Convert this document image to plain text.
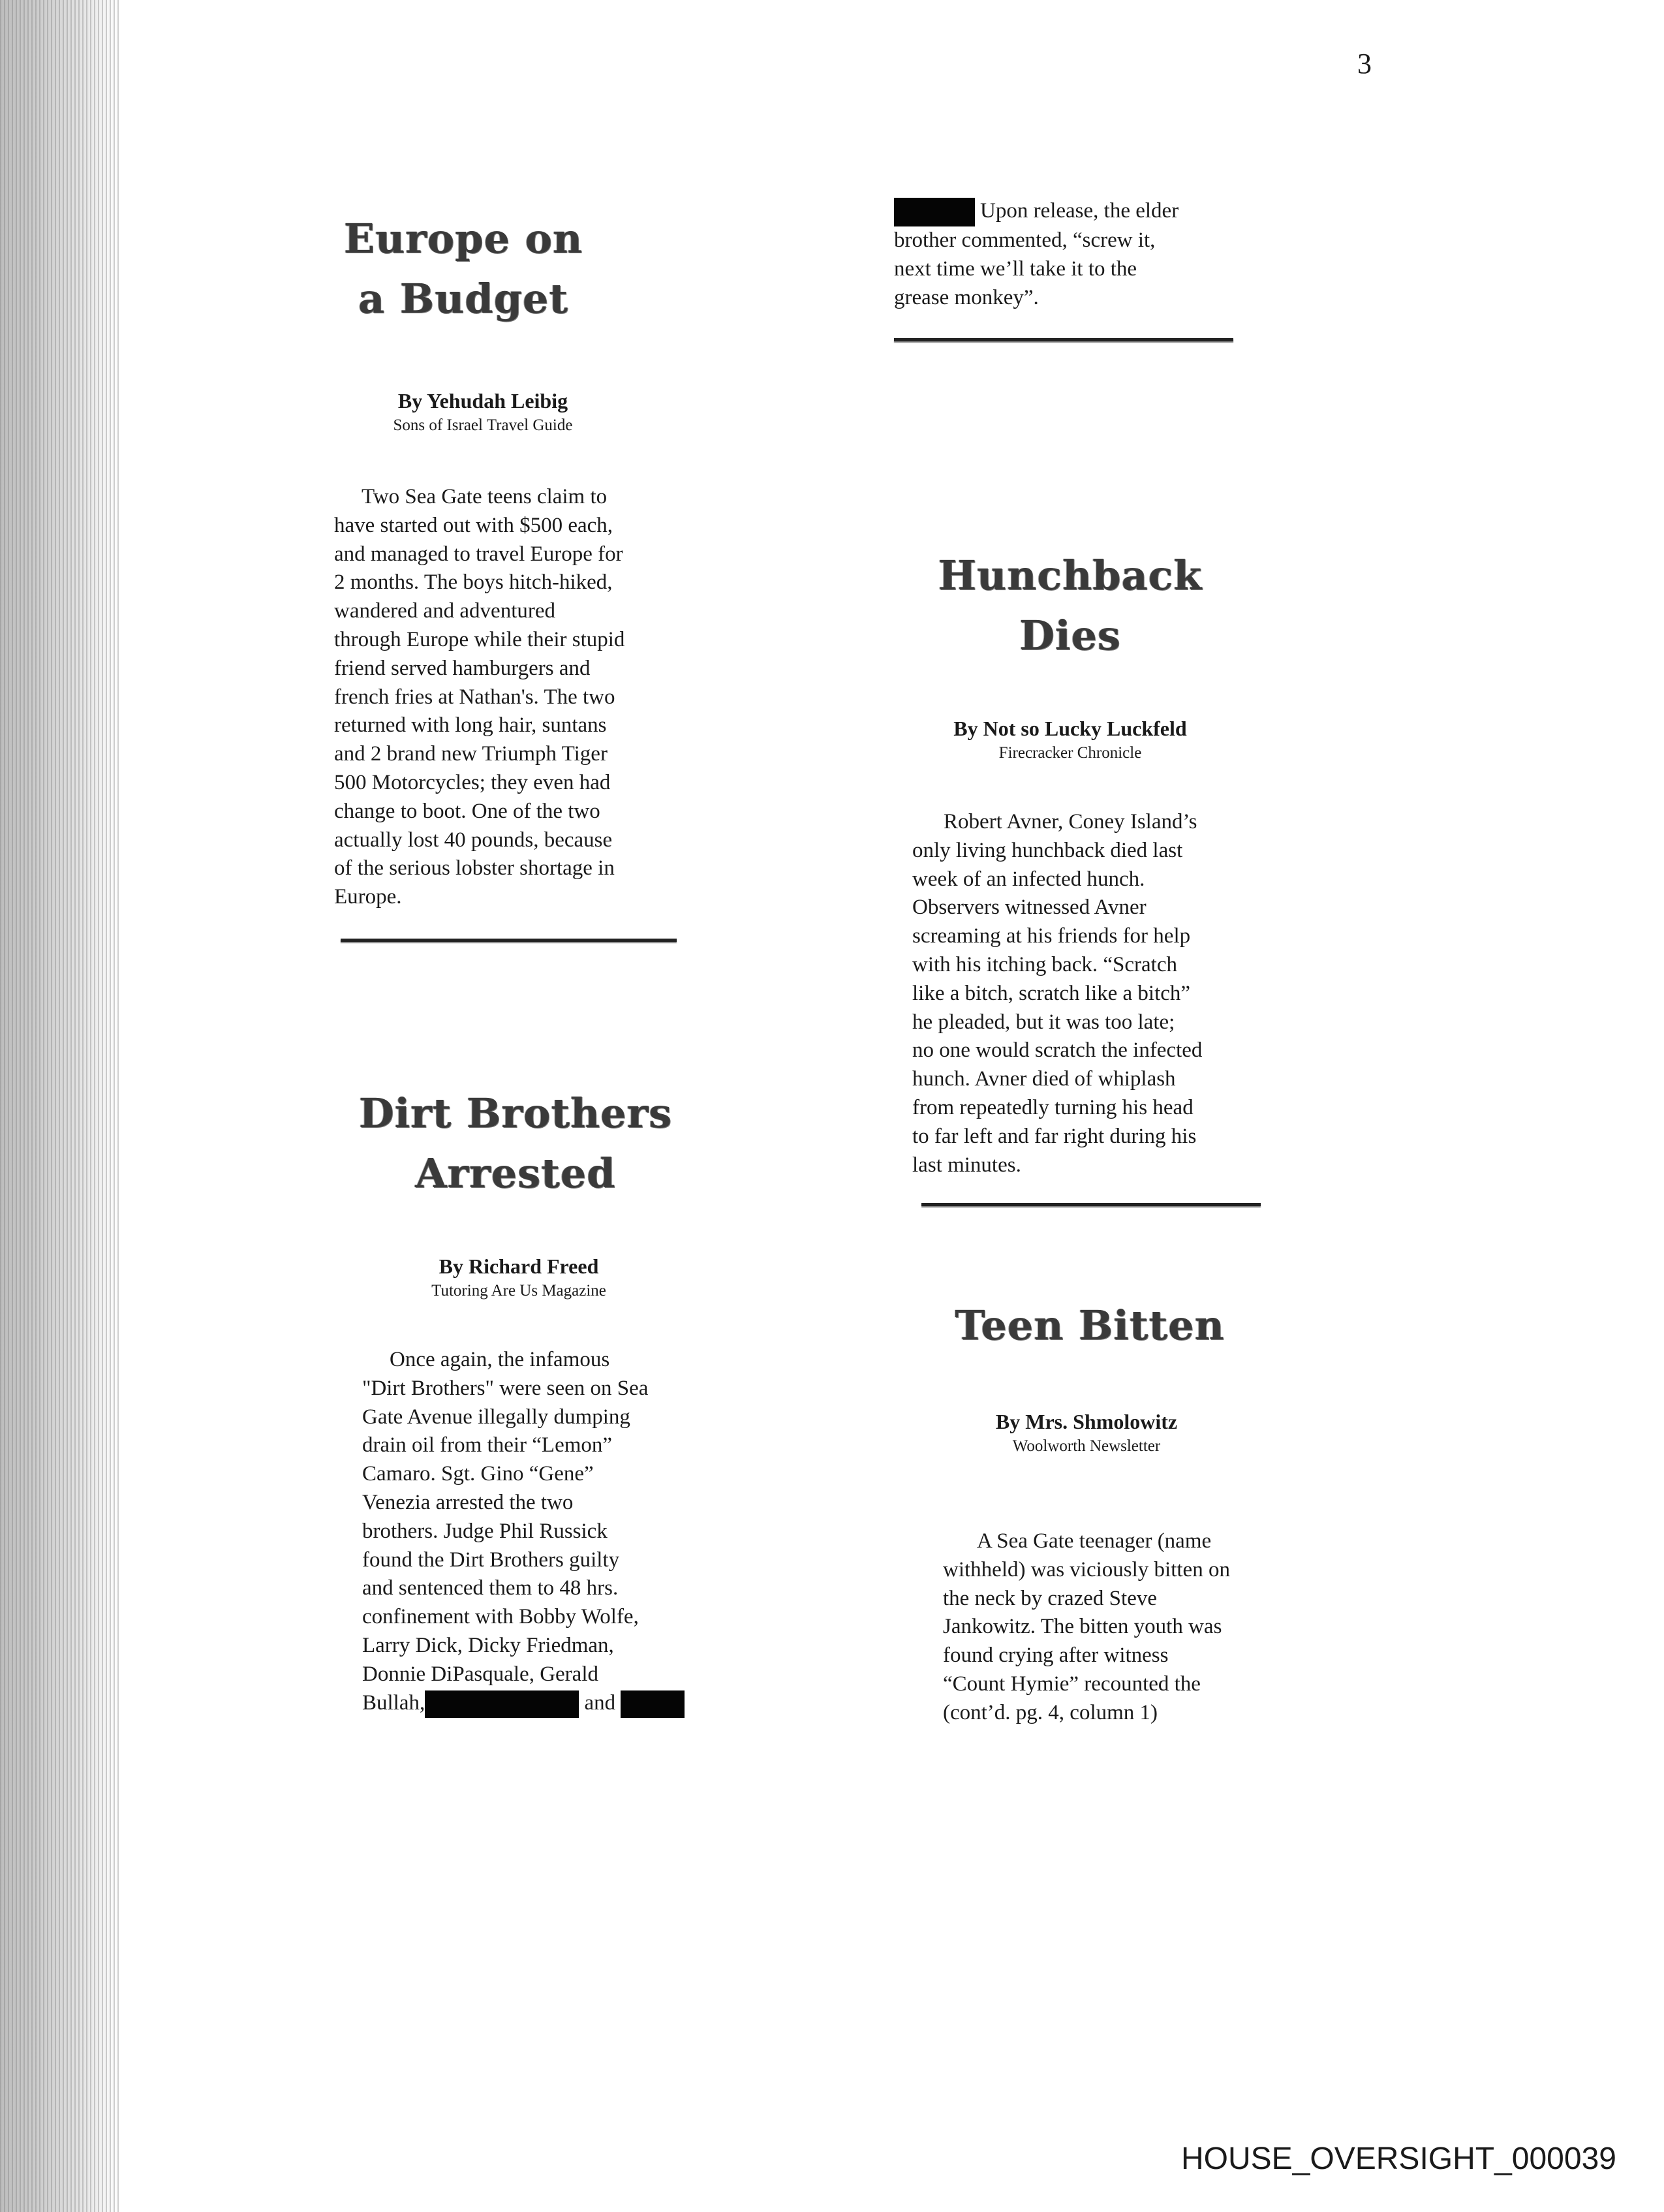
3
Europe on
a Budget
By Yehudah Leibig
Sons of Israel Travel Guide
Two Sea Gate teens claim to
have started out with $500 each,
and managed to travel Europe for
2 months. The boys hitch-hiked,
wandered and adventured
through Europe while their stupid
friend served hamburgers and
french fries at Nathan's. The two
returned with long hair, suntans
and 2 brand new Triumph Tiger
500 Motorcycles; they even had
change to boot. One of the two
actually lost 40 pounds, because
of the serious lobster shortage in
Europe.
Dirt Brothers
Arrested
By Richard Freed
Tutoring Are Us Magazine
Once again, the infamous
"Dirt Brothers" were seen on Sea
Gate Avenue illegally dumping
drain oil from their “Lemon”
Camaro. Sgt. Gino “Gene”
Venezia arrested the two
brothers. Judge Phil Russick
found the Dirt Brothers guilty
and sentenced them to 48 hrs.
confinement with Bobby Wolfe,
Larry Dick, Dicky Friedman,
Donnie DiPasquale, Gerald
Bullah,	and
Upon release, the elder
brother commented, “screw it,
next time we’ll take it to the
grease monkey”.
Hunchback
Dies
By Not so Lucky Luckfeld
Firecracker Chronicle
Robert Avner, Coney Island’s
only living hunchback died last
week of an infected hunch.
Observers witnessed Avner
screaming at his friends for help
with his itching back. “Scratch
like a bitch, scratch like a bitch”
he pleaded, but it was too late;
no one would scratch the infected
hunch. Avner died of whiplash
from repeatedly turning his head
to far left and far right during his
last minutes.
Teen Bitten
By Mrs. Shmolowitz
Woolworth Newsletter
A Sea Gate teenager (name
withheld) was viciously bitten on
the neck by crazed Steve
Jankowitz. The bitten youth was
found crying after witness
“Count Hymie” recounted the
(cont’d. pg. 4, column 1)
HOUSE_OVERSIGHT_000039
